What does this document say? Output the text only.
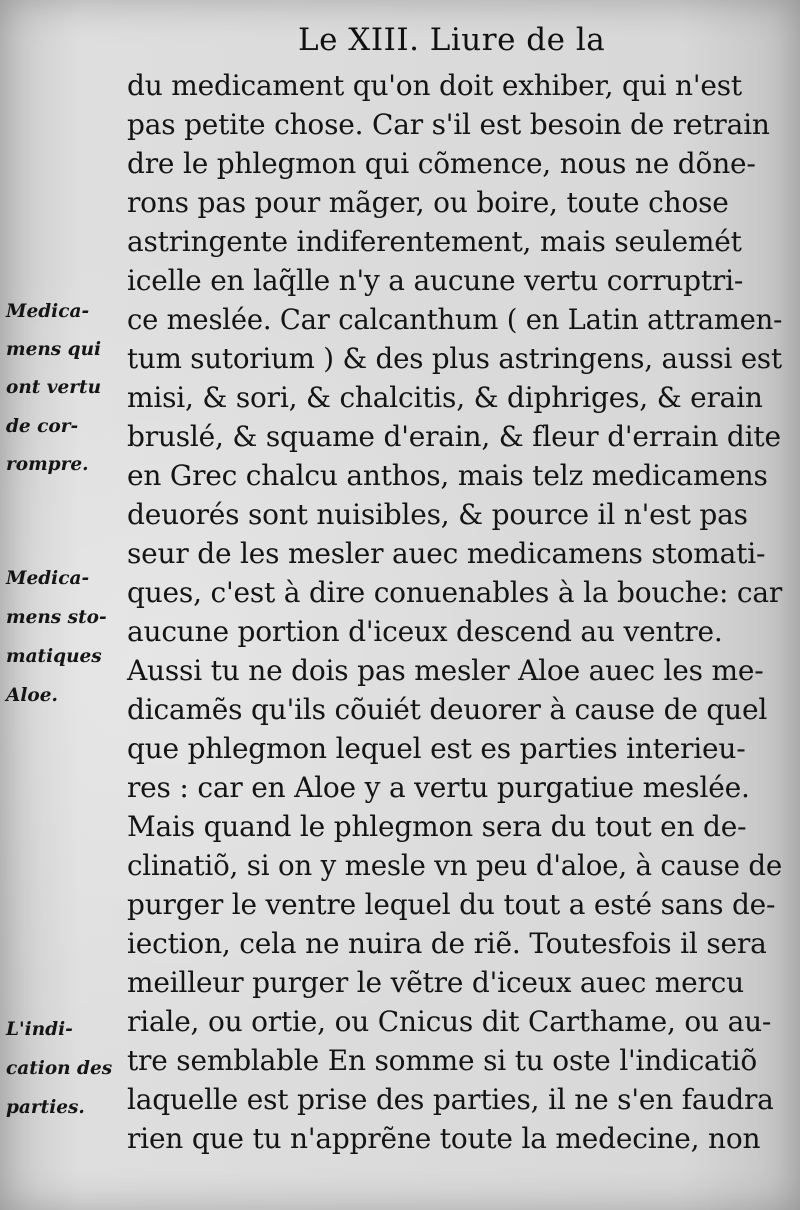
Le XIII. Liure de la
du medicament qu'on doit exhiber, qui n'est
pas petite chose. Car s'il est besoin de retrain
dre le phlegmon qui cõmence, nous ne dõne-
rons pas pour mãger, ou boire, toute chose
astringente indiferentement, mais seulemét
icelle en laq̃lle n'y a aucune vertu corruptri-
ce meslée. Car calcanthum ( en Latin attramen-
tum sutorium ) & des plus astringens, aussi est
misi, & sori, & chalcitis, & diphriges, & erain
bruslé, & squame d'erain, & fleur d'errain dite
en Grec chalcu anthos, mais telz medicamens
deuorés sont nuisibles, & pource il n'est pas
seur de les mesler auec medicamens stomati-
ques, c'est à dire conuenables à la bouche: car
aucune portion d'iceux descend au ventre.
Aussi tu ne dois pas mesler Aloe auec les me-
dicamẽs qu'ils cõuiét deuorer à cause de quel
que phlegmon lequel est es parties interieu-
res : car en Aloe y a vertu purgatiue meslée.
Mais quand le phlegmon sera du tout en de-
clinatiõ, si on y mesle vn peu d'aloe, à cause de
purger le ventre lequel du tout a esté sans de-
iection, cela ne nuira de riẽ. Toutesfois il sera
meilleur purger le vẽtre d'iceux auec mercu
riale, ou ortie, ou Cnicus dit Carthame, ou au-
tre semblable En somme si tu oste l'indicatiõ
laquelle est prise des parties, il ne s'en faudra
rien que tu n'apprẽne toute la medecine, non
Medica-
mens qui
ont vertu
de cor-
rompre.
Medica-
mens sto-
matiques
Aloe.
L'indi-
cation des
parties.
